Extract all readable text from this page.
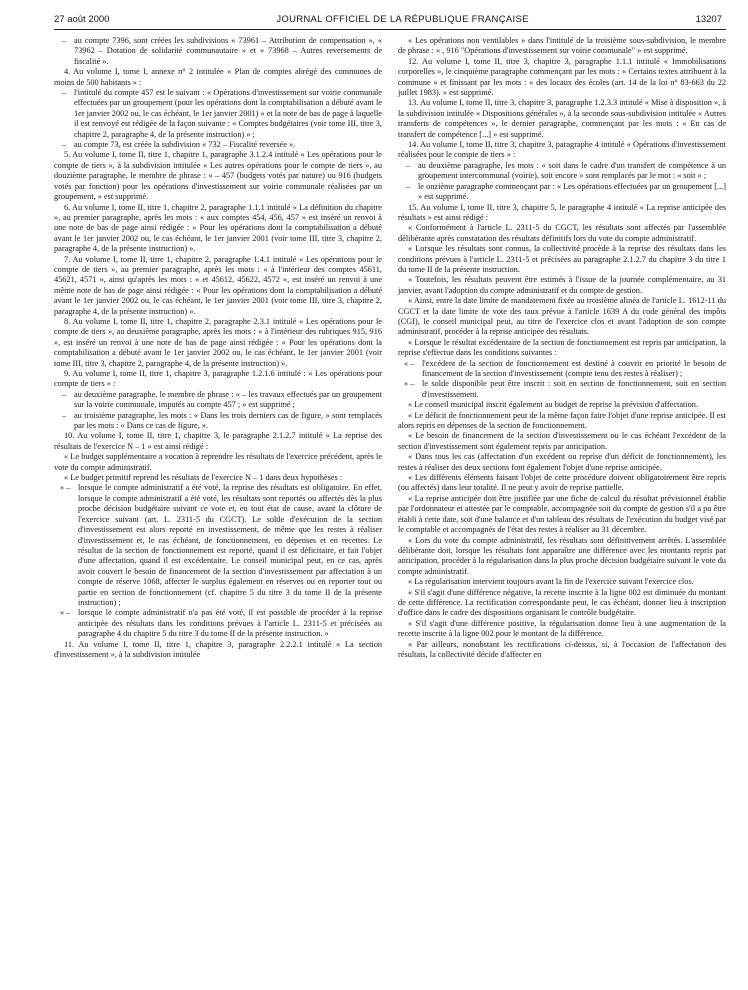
27 août 2000	JOURNAL OFFICIEL DE LA RÉPUBLIQUE FRANÇAISE	13207

– au compte 7396, sont créées les subdivisions « 73961 – Attribution de compensation », « 73962 – Dotation de solidarité communautaire » et « 73968 – Autres reversements de fiscalité ».

4. Au volume I, tome I, annexe n° 2 intitulée « Plan de comptes abrégé des communes de moins de 500 habitants » :

– l'intitulé du compte 457 est le suivant : « Opérations d'investissement sur voirie communale effectuées par un groupement (pour les opérations dont la comptabilisation a débuté avant le 1er janvier 2002 ou, le cas échéant, le 1er janvier 2001) » et la note de bas de page à laquelle il est renvoyé est rédigée de la façon suivante : « Comptes budgétaires (voir tome III, titre 3, chapitre 2, paragraphe 4, de la présente instruction) » ;

– au compte 73, est créée la subdivision « 732 – Fiscalité reversée ».

5. Au volume I, tome II, titre 1, chapitre 1, paragraphe 3.1.2.4 intitulé « Les opérations pour le compte de tiers », à la subdivision intitulée « Les autres opérations pour le compte de tiers », au douzième paragraphe, le membre de phrase : « – 457 (budgets votés par nature) ou 916 (budgets votés par fonction) pour les opérations d'investissement sur voirie communale réalisées par un groupement, » est supprimé.

6. Au volume I, tome II, titre 1, chapitre 2, paragraphe 1.1.1 intitulé « La définition du chapitre », au premier paragraphe, après les mots : « aux comptes 454, 456, 457 » est inséré un renvoi à une note de bas de page ainsi rédigée : « Pour les opérations dont la comptabilisation a débuté avant le 1er janvier 2002 ou, le cas échéant, le 1er janvier 2001 (voir tome III, titre 3, chapitre 2, paragraphe 4, de la présente instruction) ».

7. Au volume I, tome II, titre 1, chapitre 2, paragraphe 1.4.1 intitulé « Les opérations pour le compte de tiers », au premier paragraphe, après les mots : « à l'intérieur des comptes 45611, 45621, 4571 », ainsi qu'après les mots : « et 45612, 45622, 4572 », est inséré un renvoi à une même note de bas de page ainsi rédigée : « Pour les opérations dont la comptabilisation a débuté avant le 1er janvier 2002 ou, le cas échéant, le 1er janvier 2001 (voir tome III, titre 3, chapitre 2, paragraphe 4, de la présente instruction) ».

8. Au volume I, tome II, titre 1, chapitre 2, paragraphe 2.3.1 intitulé « Les opérations pour le compte de tiers », au deuxième paragraphe, après les mots : « à l'intérieur des rubriques 915, 916 », est inséré un renvoi à une note de bas de page ainsi rédigée : « Pour les opérations dont la comptabilisation a débuté avant le 1er janvier 2002 ou, le cas échéant, le 1er janvier 2001 (voir tome III, titre 3, chapitre 2, paragraphe 4, de la présente instruction) ».

9. Au volume I, tome II, titre 1, chapitre 3, paragraphe 1.2.1.6 intitulé : « Les opérations pour compte de tiers » :

– au deuxième paragraphe, le membre de phrase : « – les travaux effectués par un groupement sur la voirie communale, imputés au compte 457 ; » est supprimé ;

– au troisième paragraphe, les mots : « Dans les trois derniers cas de figure, » sont remplacés par les mots : « Dans ce cas de figure, ».

10. Au volume I, tome II, titre 1, chapitre 3, le paragraphe 2.1.2.7 intitulé « La reprise des résultats de l'exercice N – 1 » est ainsi rédigé :

« Le budget supplémentaire a vocation à reprendre les résultats de l'exercice précédent, après le vote du compte administratif.

« Le budget primitif reprend les résultats de l'exercice N – 1 dans deux hypothèses :

« – lorsque le compte administratif a été voté, la reprise des résultats est obligatoire. En effet, lorsque le compte administratif a été voté, les résultats sont reportés ou affectés dès la plus proche décision budgétaire suivant ce vote et, en tout état de cause, avant la clôture de l'exercice suivant (art. L. 2311-5 du CGCT). Le solde d'exécution de la section d'investissement est alors reporté en investissement, de même que les restes à réaliser d'investissement et, le cas échéant, de fonctionnement, en dépenses et en recettes. Le résultat de la section de fonctionnement est reporté, quand il est déficitaire, et fait l'objet d'une affectation, quand il est excédentaire. Le conseil municipal peut, en ce cas, après avoir couvert le besoin de financement de la section d'investissement par affectation à un compte de réserve 1068, affecter le surplus également en réserves ou en reporter tout ou partie en section de fonctionnement (cf. chapitre 5 du titre 3 du tome II de la présente instruction) ;

« – lorsque le compte administratif n'a pas été voté, il est possible de procéder à la reprise anticipée des résultats dans les conditions prévues à l'article L. 2311-5 et précisées au paragraphe 4 du chapitre 5 du titre 3 du tome II de la présente instruction. »

11. Au volume I, tome II, titre 1, chapitre 3, paragraphe 2.2.2.1 intitulé « La section d'investissement », à la subdivision intitulée

« Les opérations non ventilables » dans l'intitulé de la troisième sous-subdivision, le membre de phrase : « , 916 "Opérations d'investissement sur voirie communale" » est supprimé.

12. Au volume I, tome II, titre 3, chapitre 3, paragraphe 1.1.1 intitulé « Immobilisations corporelles », le cinquième paragraphe commençant par les mots : « Certains textes attribuent à la commune » et finissant par les mots : « des locaux des écoles (art. 14 de la loi n° 83-663 du 22 juillet 1983). » est supprimé.

13. Au volume I, tome II, titre 3, chapitre 3, paragraphe 1.2.3.3 intitulé « Mise à disposition », à la subdivision intitulée « Dispositions générales », à la seconde sous-subdivision intitulée « Autres transferts de compétences », le dernier paragraphe, commençant par les mots : « En cas de transfert de compétence [...] » est supprimé.

14. Au volume I, tome II, titre 3, chapitre 3, paragraphe 4 intitulé « Opérations d'investissement réalisées pour le compte de tiers » :

– au deuxième paragraphe, les mots : « soit dans le cadre d'un transfert de compétence à un groupement intercommunal (voirie), soit encore » sont remplacés par le mot : « soit » ;

– le onzième paragraphe commençant par : « Les opérations effectuées par un groupement [...] » est supprimé.

15. Au volume I, tome II, titre 3, chapitre 5, le paragraphe 4 intitulé « La reprise anticipée des résultats » est ainsi rédigé :

« Conformément à l'article L. 2311-5 du CGCT, les résultats sont affectés par l'assemblée délibérante après constatation des résultats définitifs lors du vote du compte administratif.

« Lorsque les résultats sont connus, la collectivité procède à la reprise des résultats dans les conditions prévues à l'article L. 2311-5 et précisées au paragraphe 2.1.2.7 du chapitre 3 du titre 1 du tome II de la présente instruction.

« Toutefois, les résultats peuvent être estimés à l'issue de la journée complémentaire, au 31 janvier, avant l'adoption du compte administratif et du compte de gestion.

« Ainsi, entre la date limite de mandatement fixée au troisième alinéa de l'article L. 1612-11 du CGCT et la date limite de vote des taux prévue à l'article 1639 A du code général des impôts (CGI), le conseil municipal peut, au titre de l'exercice clos et avant l'adoption de son compte administratif, procéder à la reprise anticipée des résultats.

« Lorsque le résultat excédentaire de la section de fonctionnement est repris par anticipation, la reprise s'effectue dans les conditions suivantes :

« – l'excédent de la section de fonctionnement est destiné à couvrir en priorité le besoin de financement de la section d'investissement (compte tenu des restes à réaliser) ;

« – le solde disponible peut être inscrit : soit en section de fonctionnement, soit en section d'investissement.

« Le conseil municipal inscrit également au budget de reprise la prévision d'affectation.

« Le déficit de fonctionnement peut de la même façon faire l'objet d'une reprise anticipée. Il est alors repris en dépenses de la section de fonctionnement.

« Le besoin de financement de la section d'investissement ou le cas échéant l'excédent de la section d'investissement sont également repris par anticipation.

« Dans tous les cas (affectation d'un excédent ou reprise d'un déficit de fonctionnement), les restes à réaliser des deux sections font également l'objet d'une reprise anticipée.

« Les différents éléments faisant l'objet de cette procédure doivent obligatoirement être repris (ou affectés) dans leur totalité. Il ne peut y avoir de reprise partielle.

« La reprise anticipée doit être justifiée par une fiche de calcul du résultat prévisionnel établie par l'ordonnateur et attestée par le comptable, accompagnée soit du compte de gestion s'il a pu être établi à cette date, soit d'une balance et d'un tableau des résultats de l'exécution du budget visé par le comptable et accompagnés de l'état des restes à réaliser au 31 décembre.

« Lors du vote du compte administratif, les résultats sont définitivement arrêtés. L'assemblée délibérante doit, lorsque les résultats font apparaître une différence avec les montants repris par anticipation, procéder à la régularisation dans la plus proche décision budgétaire suivant le vote du compte administratif.

« La régularisation intervient toujours avant la fin de l'exercice suivant l'exercice clos.

« S'il s'agit d'une différence négative, la recette inscrite à la ligne 002 est diminuée du montant de cette différence. La rectification correspondante peut, le cas échéant, donner lieu à inscription d'office dans le cadre des dispositions organisant le contrôle budgétaire.

« S'il s'agit d'une différence positive, la régularisation donne lieu à une augmentation de la recette inscrite à la ligne 002 pour le montant de la différence.

« Par ailleurs, nonobstant les rectifications ci-dessus, si, à l'occasion de l'affectation des résultats, la collectivité décide d'affecter en
